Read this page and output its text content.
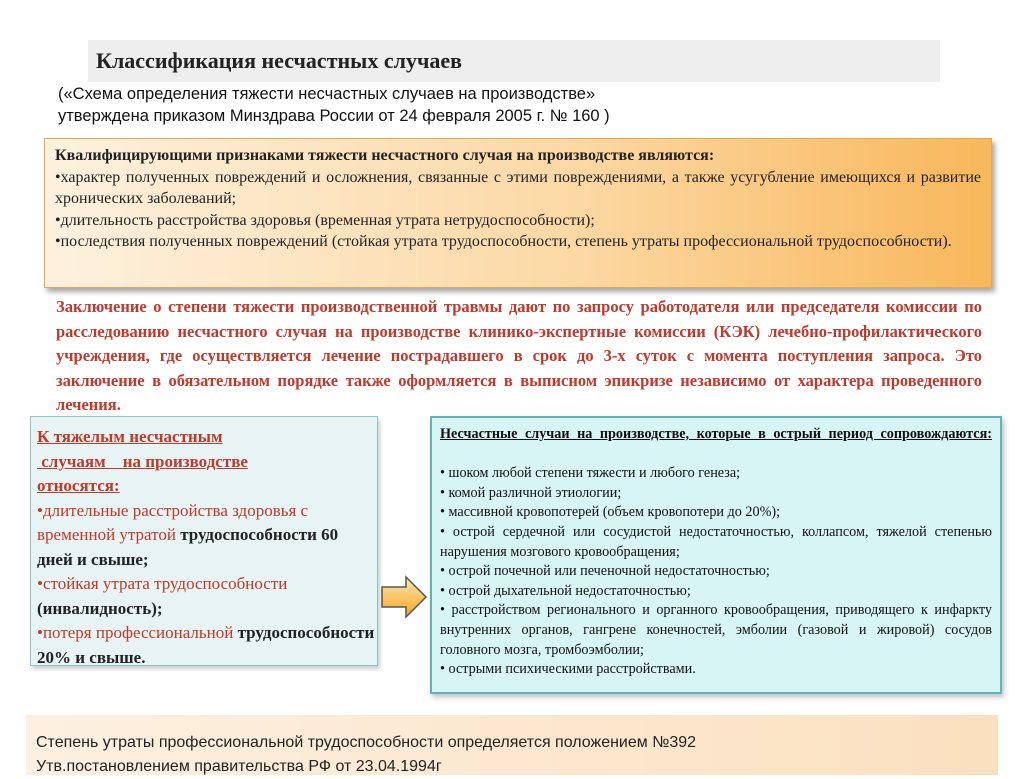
Классификация несчастных случаев
(«Схема определения тяжести несчастных случаев на производстве»
утверждена приказом Минздрава России от 24 февраля 2005 г. № 160 )

Квалифицирующими признаками тяжести несчастного случая на производстве являются:

•характер полученных повреждений и осложнения, связанные с этими повреждениями, а также усугубление имеющихся и развитие хронических заболеваний;

•длительность расстройства здоровья (временная утрата нетрудоспособности);

•последствия полученных повреждений (стойкая утрата трудоспособности, степень утраты профессиональной трудоспособности).

Заключение о степени тяжести производственной травмы дают по запросу работодателя или председателя комиссии по расследованию несчастного случая на производстве клинико-экспертные комиссии (КЭК) лечебно-профилактического учреждения, где осуществляется лечение пострадавшего в срок до 3-х суток с момента поступления запроса. Это заключение в обязательном порядке также оформляется в выписном эпикризе независимо от характера проведенного лечения.

К тяжелым несчастным

случаям    на производстве

относятся:

•длительные расстройства здоровья с временной утратой трудоспособности 60 дней и свыше;

•стойкая утрата трудоспособности (инвалидность);

•потеря профессиональной трудоспособности 20% и свыше.

Несчастные случаи на производстве, которые в острый период сопровождаются:

• шоком любой степени тяжести и любого генеза;

• комой различной этиологии;

• массивной кровопотерей (объем кровопотери до 20%);

• острой сердечной или сосудистой недостаточностью, коллапсом, тяжелой степенью нарушения мозгового кровообращения;

• острой почечной или печеночной недостаточностью;

• острой дыхательной недостаточностью;

• расстройством регионального и органного кровообращения, приводящего к инфаркту внутренних органов, гангрене конечностей, эмболии (газовой и жировой) сосудов головного мозга, тромбоэмболии;

• острыми психическими расстройствами.

Степень утраты профессиональной трудоспособности определяется положением №392

Утв.постановлением правительства РФ от 23.04.1994г
